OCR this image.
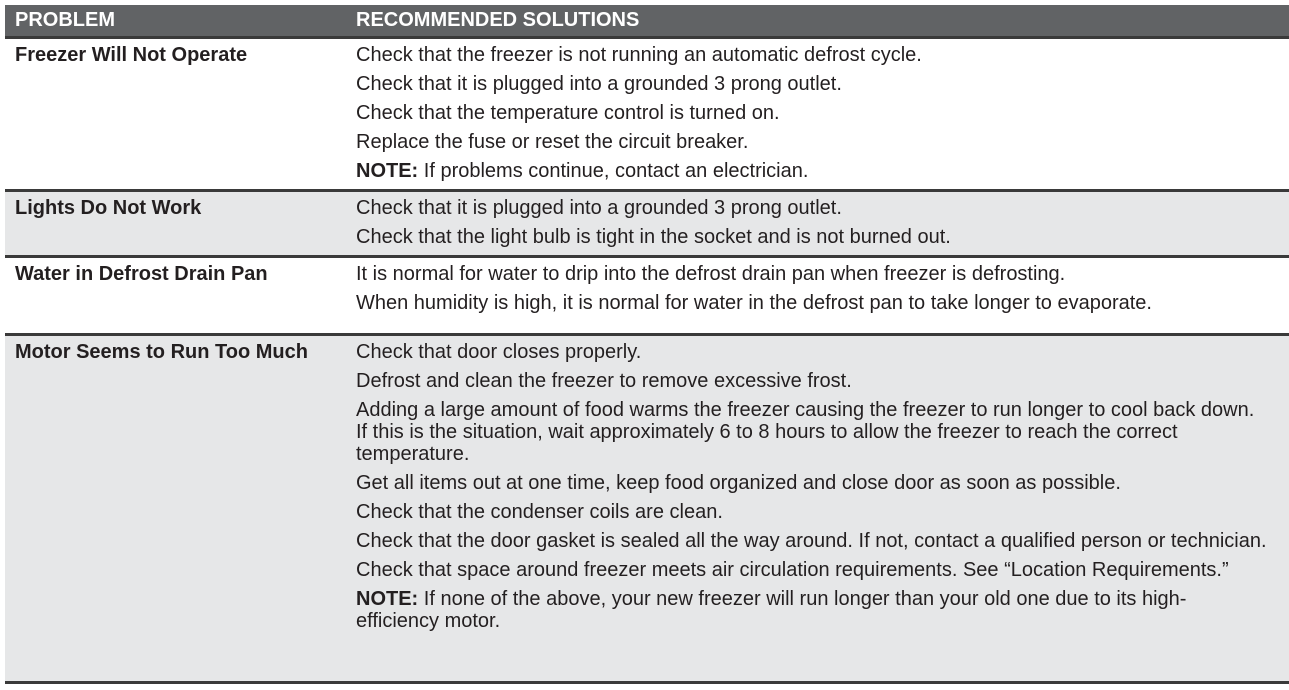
PROBLEM	RECOMMENDED SOLUTIONS
Freezer Will Not Operate	Check that the freezer is not running an automatic defrost cycle.
Check that it is plugged into a grounded 3 prong outlet.
Check that the temperature control is turned on.
Replace the fuse or reset the circuit breaker.
NOTE: If problems continue, contact an electrician.
Lights Do Not Work	Check that it is plugged into a grounded 3 prong outlet.
Check that the light bulb is tight in the socket and is not burned out.
Water in Defrost Drain Pan	It is normal for water to drip into the defrost drain pan when freezer is defrosting.
When humidity is high, it is normal for water in the defrost pan to take longer to evaporate.
Motor Seems to Run Too Much	Check that door closes properly.
Defrost and clean the freezer to remove excessive frost.
Adding a large amount of food warms the freezer causing the freezer to run longer to cool back down. If this is the situation, wait approximately 6 to 8 hours to allow the freezer to reach the correct temperature.
Get all items out at one time, keep food organized and close door as soon as possible.
Check that the condenser coils are clean.
Check that the door gasket is sealed all the way around. If not, contact a qualified person or technician.
Check that space around freezer meets air circulation requirements. See “Location Requirements.”
NOTE: If none of the above, your new freezer will run longer than your old one due to its high-efficiency motor.
